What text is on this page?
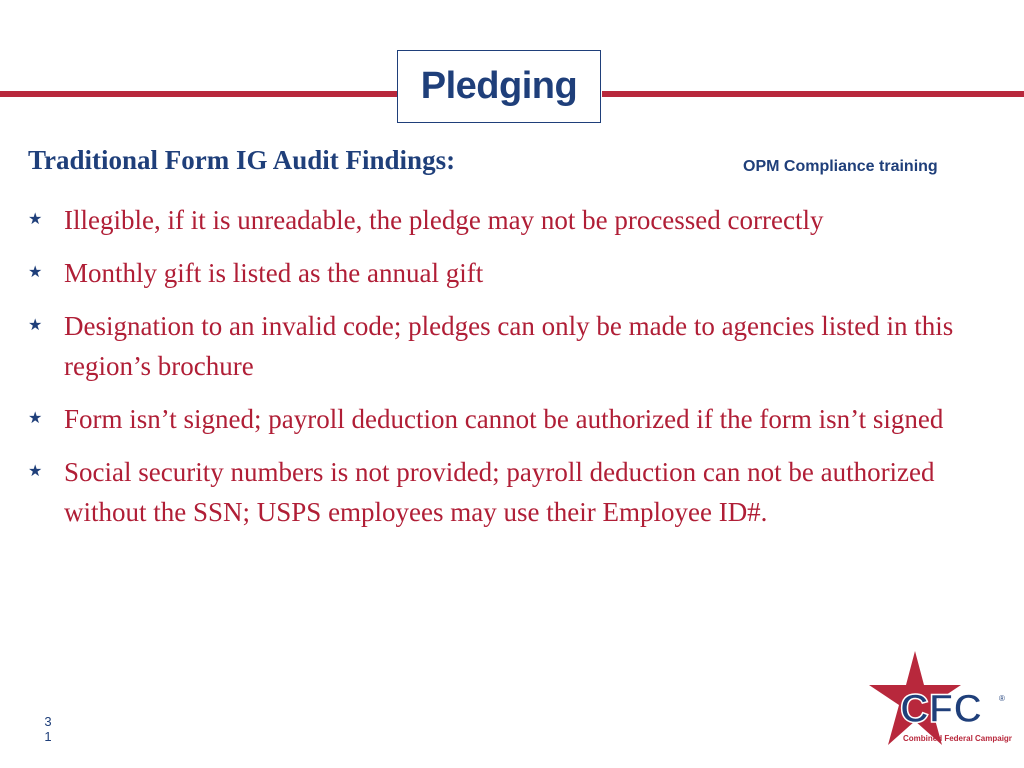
Pledging
Traditional Form IG Audit Findings:	OPM Compliance training
★ Illegible, if it is unreadable, the pledge may not be processed correctly
★ Monthly gift is listed as the annual gift
★ Designation to an invalid code; pledges can only be made to agencies listed in this region’s brochure
★ Form isn’t signed; payroll deduction cannot be authorized if the form isn’t signed
★ Social security numbers is not provided; payroll deduction can not be authorized without the SSN; USPS employees may use their Employee ID#.
3
1
CFC ®
Combined Federal Campaign
